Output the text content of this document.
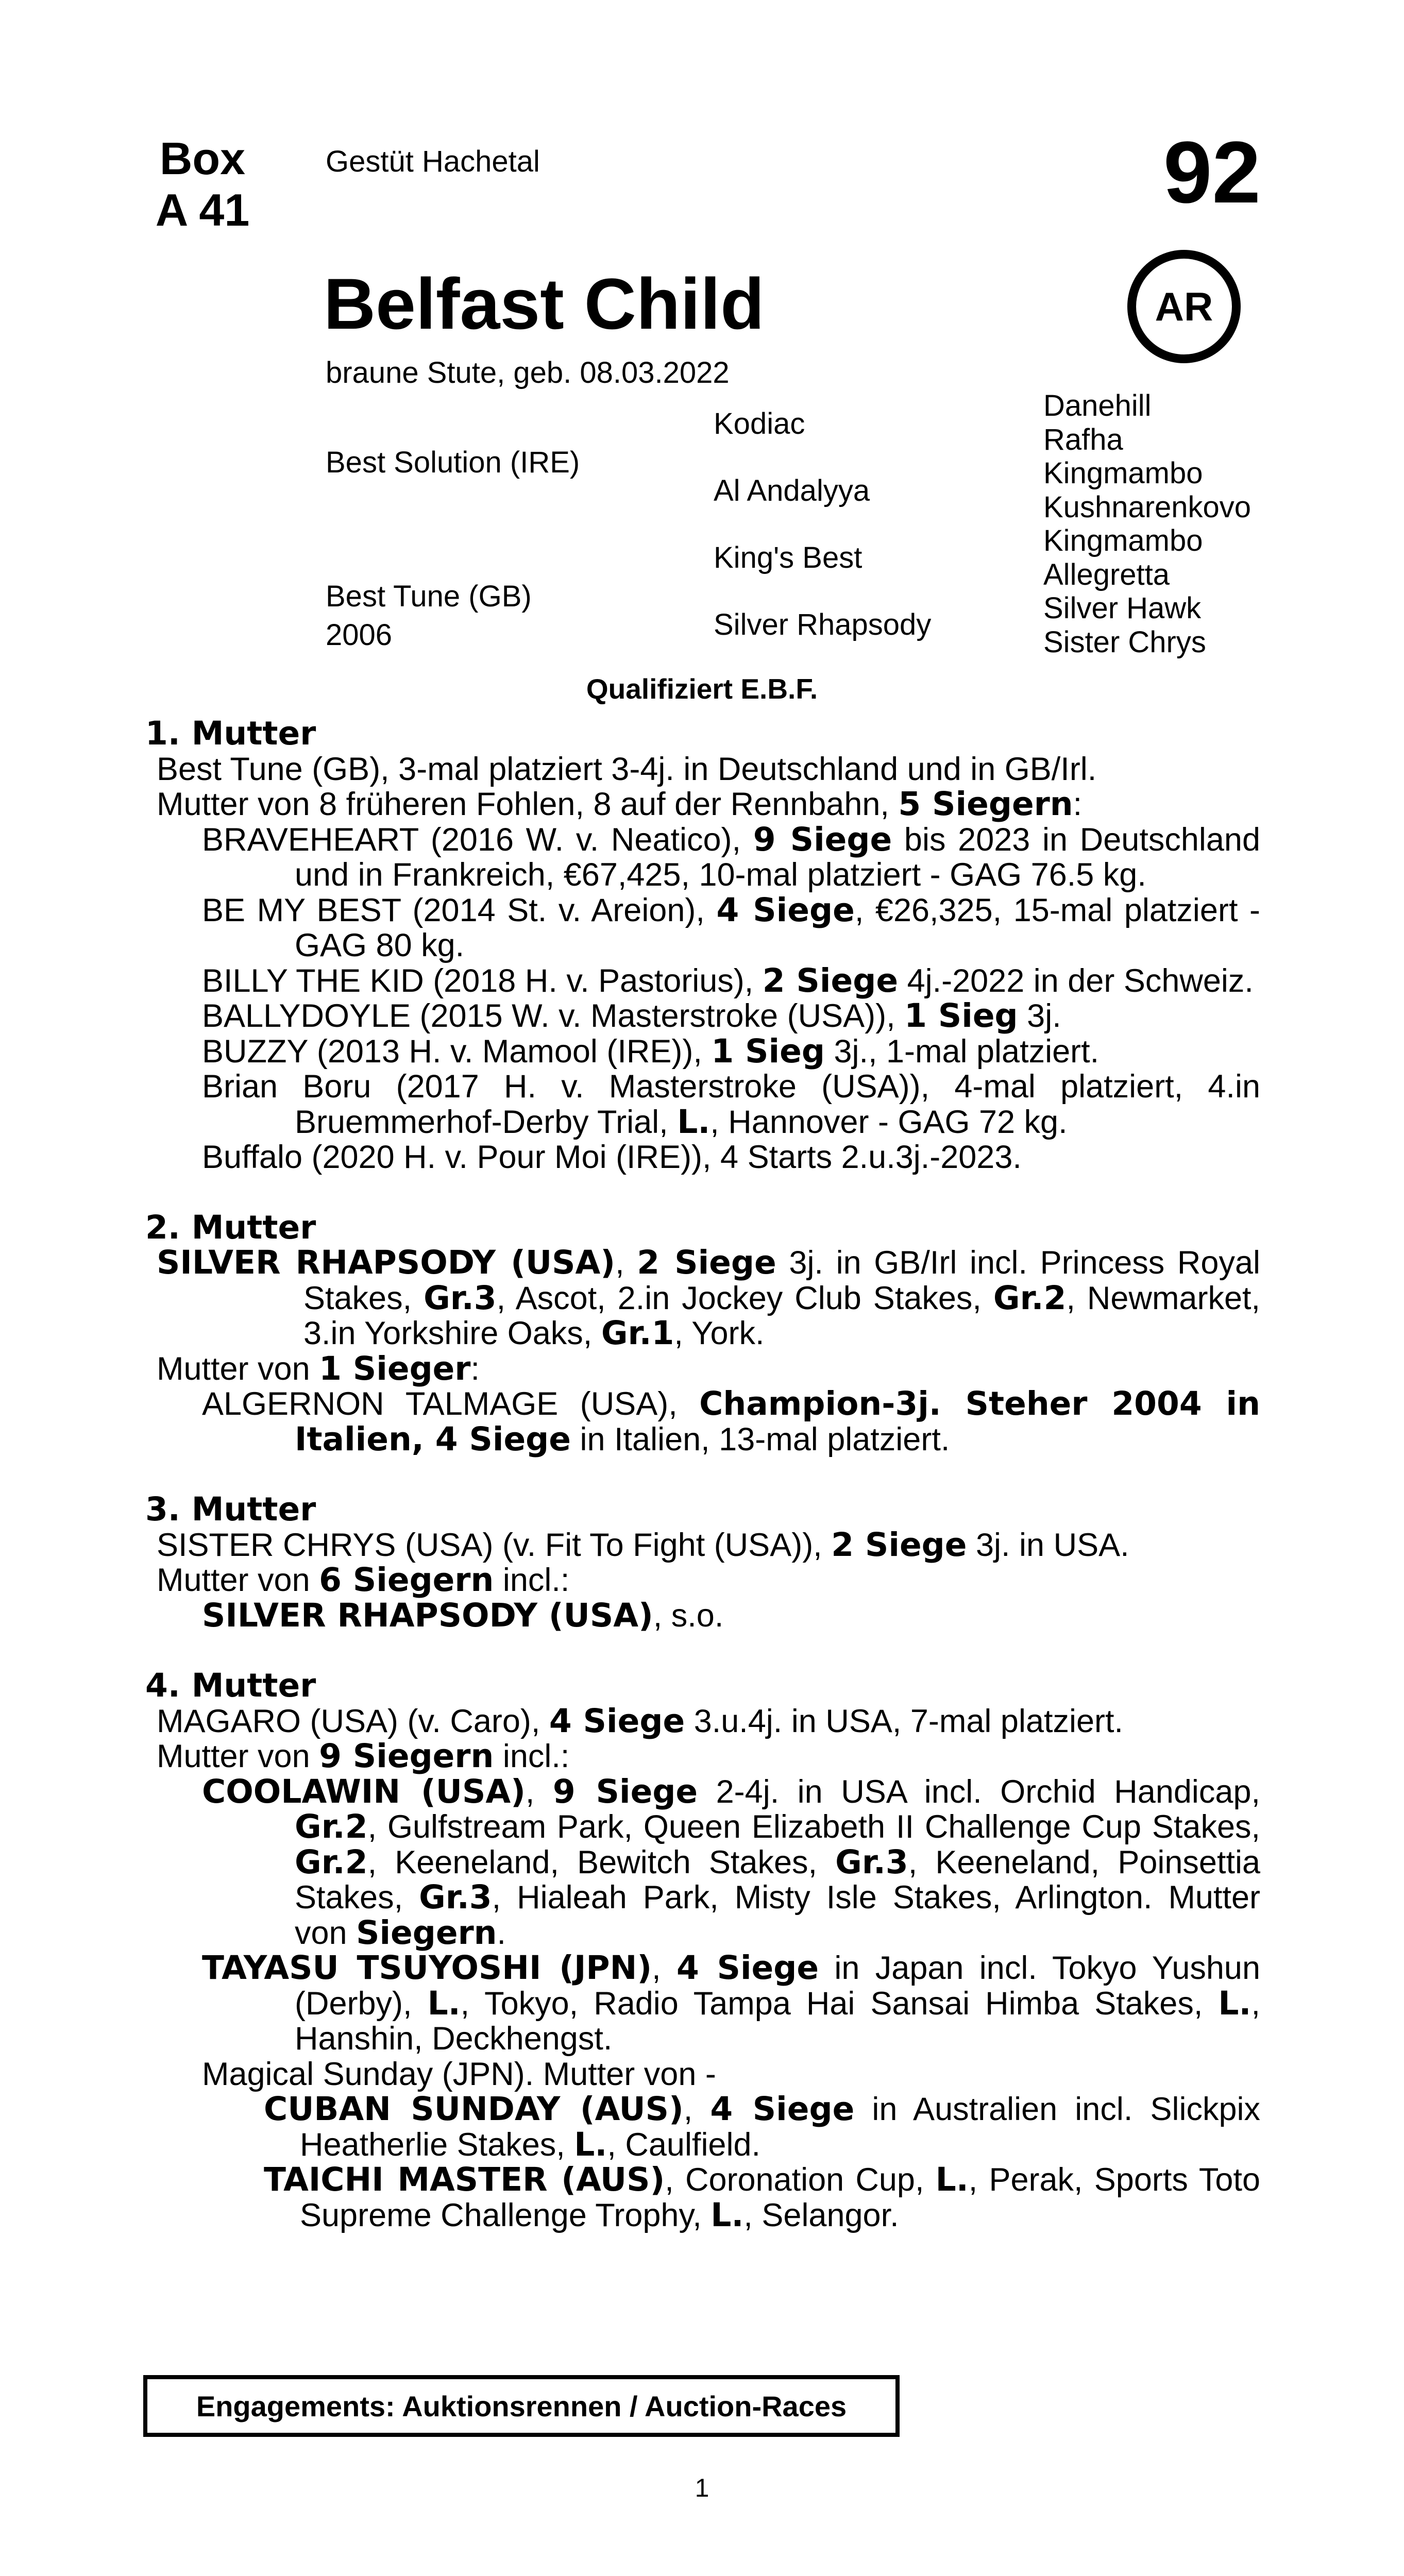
Box
A 41
Gestüt Hachetal	92
AR
Belfast Child
braune Stute, geb. 08.03.2022
Best Solution (IRE)
Best Tune (GB)
2006
Kodiac
Al Andalyya
King's Best
Silver Rhapsody
Danehill
Rafha
Kingmambo
Kushnarenkovo
Kingmambo
Allegretta
Silver Hawk
Sister Chrys
Qualifiziert E.B.F.
1. Mutter
Best Tune (GB), 3-mal platziert 3-4j. in Deutschland und in GB/Irl.
Mutter von 8 früheren Fohlen, 8 auf der Rennbahn, 5 Siegern:
BRAVEHEART (2016 W. v. Neatico), 9 Siege bis 2023 in Deutschland und in Frankreich, €67,425, 10-mal platziert - GAG 76.5 kg.
BE MY BEST (2014 St. v. Areion), 4 Siege, €26,325, 15-mal platziert - GAG 80 kg.
BILLY THE KID (2018 H. v. Pastorius), 2 Siege 4j.-2022 in der Schweiz.
BALLYDOYLE (2015 W. v. Masterstroke (USA)), 1 Sieg 3j.
BUZZY (2013 H. v. Mamool (IRE)), 1 Sieg 3j., 1-mal platziert.
Brian Boru (2017 H. v. Masterstroke (USA)), 4-mal platziert, 4.in Bruemmerhof-Derby Trial, L., Hannover - GAG 72 kg.
Buffalo (2020 H. v. Pour Moi (IRE)), 4 Starts 2.u.3j.-2023.
2. Mutter
SILVER RHAPSODY (USA), 2 Siege 3j. in GB/Irl incl. Princess Royal Stakes, Gr.3, Ascot, 2.in Jockey Club Stakes, Gr.2, Newmarket, 3.in Yorkshire Oaks, Gr.1, York.
Mutter von 1 Sieger:
ALGERNON TALMAGE (USA), Champion-3j. Steher 2004 in Italien, 4 Siege in Italien, 13-mal platziert.
3. Mutter
SISTER CHRYS (USA) (v. Fit To Fight (USA)), 2 Siege 3j. in USA.
Mutter von 6 Siegern incl.:
SILVER RHAPSODY (USA), s.o.
4. Mutter
MAGARO (USA) (v. Caro), 4 Siege 3.u.4j. in USA, 7-mal platziert.
Mutter von 9 Siegern incl.:
COOLAWIN (USA), 9 Siege 2-4j. in USA incl. Orchid Handicap, Gr.2, Gulfstream Park, Queen Elizabeth II Challenge Cup Stakes, Gr.2, Keeneland, Bewitch Stakes, Gr.3, Keeneland, Poinsettia Stakes, Gr.3, Hialeah Park, Misty Isle Stakes, Arlington. Mutter von Siegern.
TAYASU TSUYOSHI (JPN), 4 Siege in Japan incl. Tokyo Yushun (Derby), L., Tokyo, Radio Tampa Hai Sansai Himba Stakes, L., Hanshin, Deckhengst.
Magical Sunday (JPN). Mutter von -
CUBAN SUNDAY (AUS), 4 Siege in Australien incl. Slickpix Heatherlie Stakes, L., Caulfield.
TAICHI MASTER (AUS), Coronation Cup, L., Perak, Sports Toto Supreme Challenge Trophy, L., Selangor.
Engagements: Auktionsrennen / Auction-Races
1
